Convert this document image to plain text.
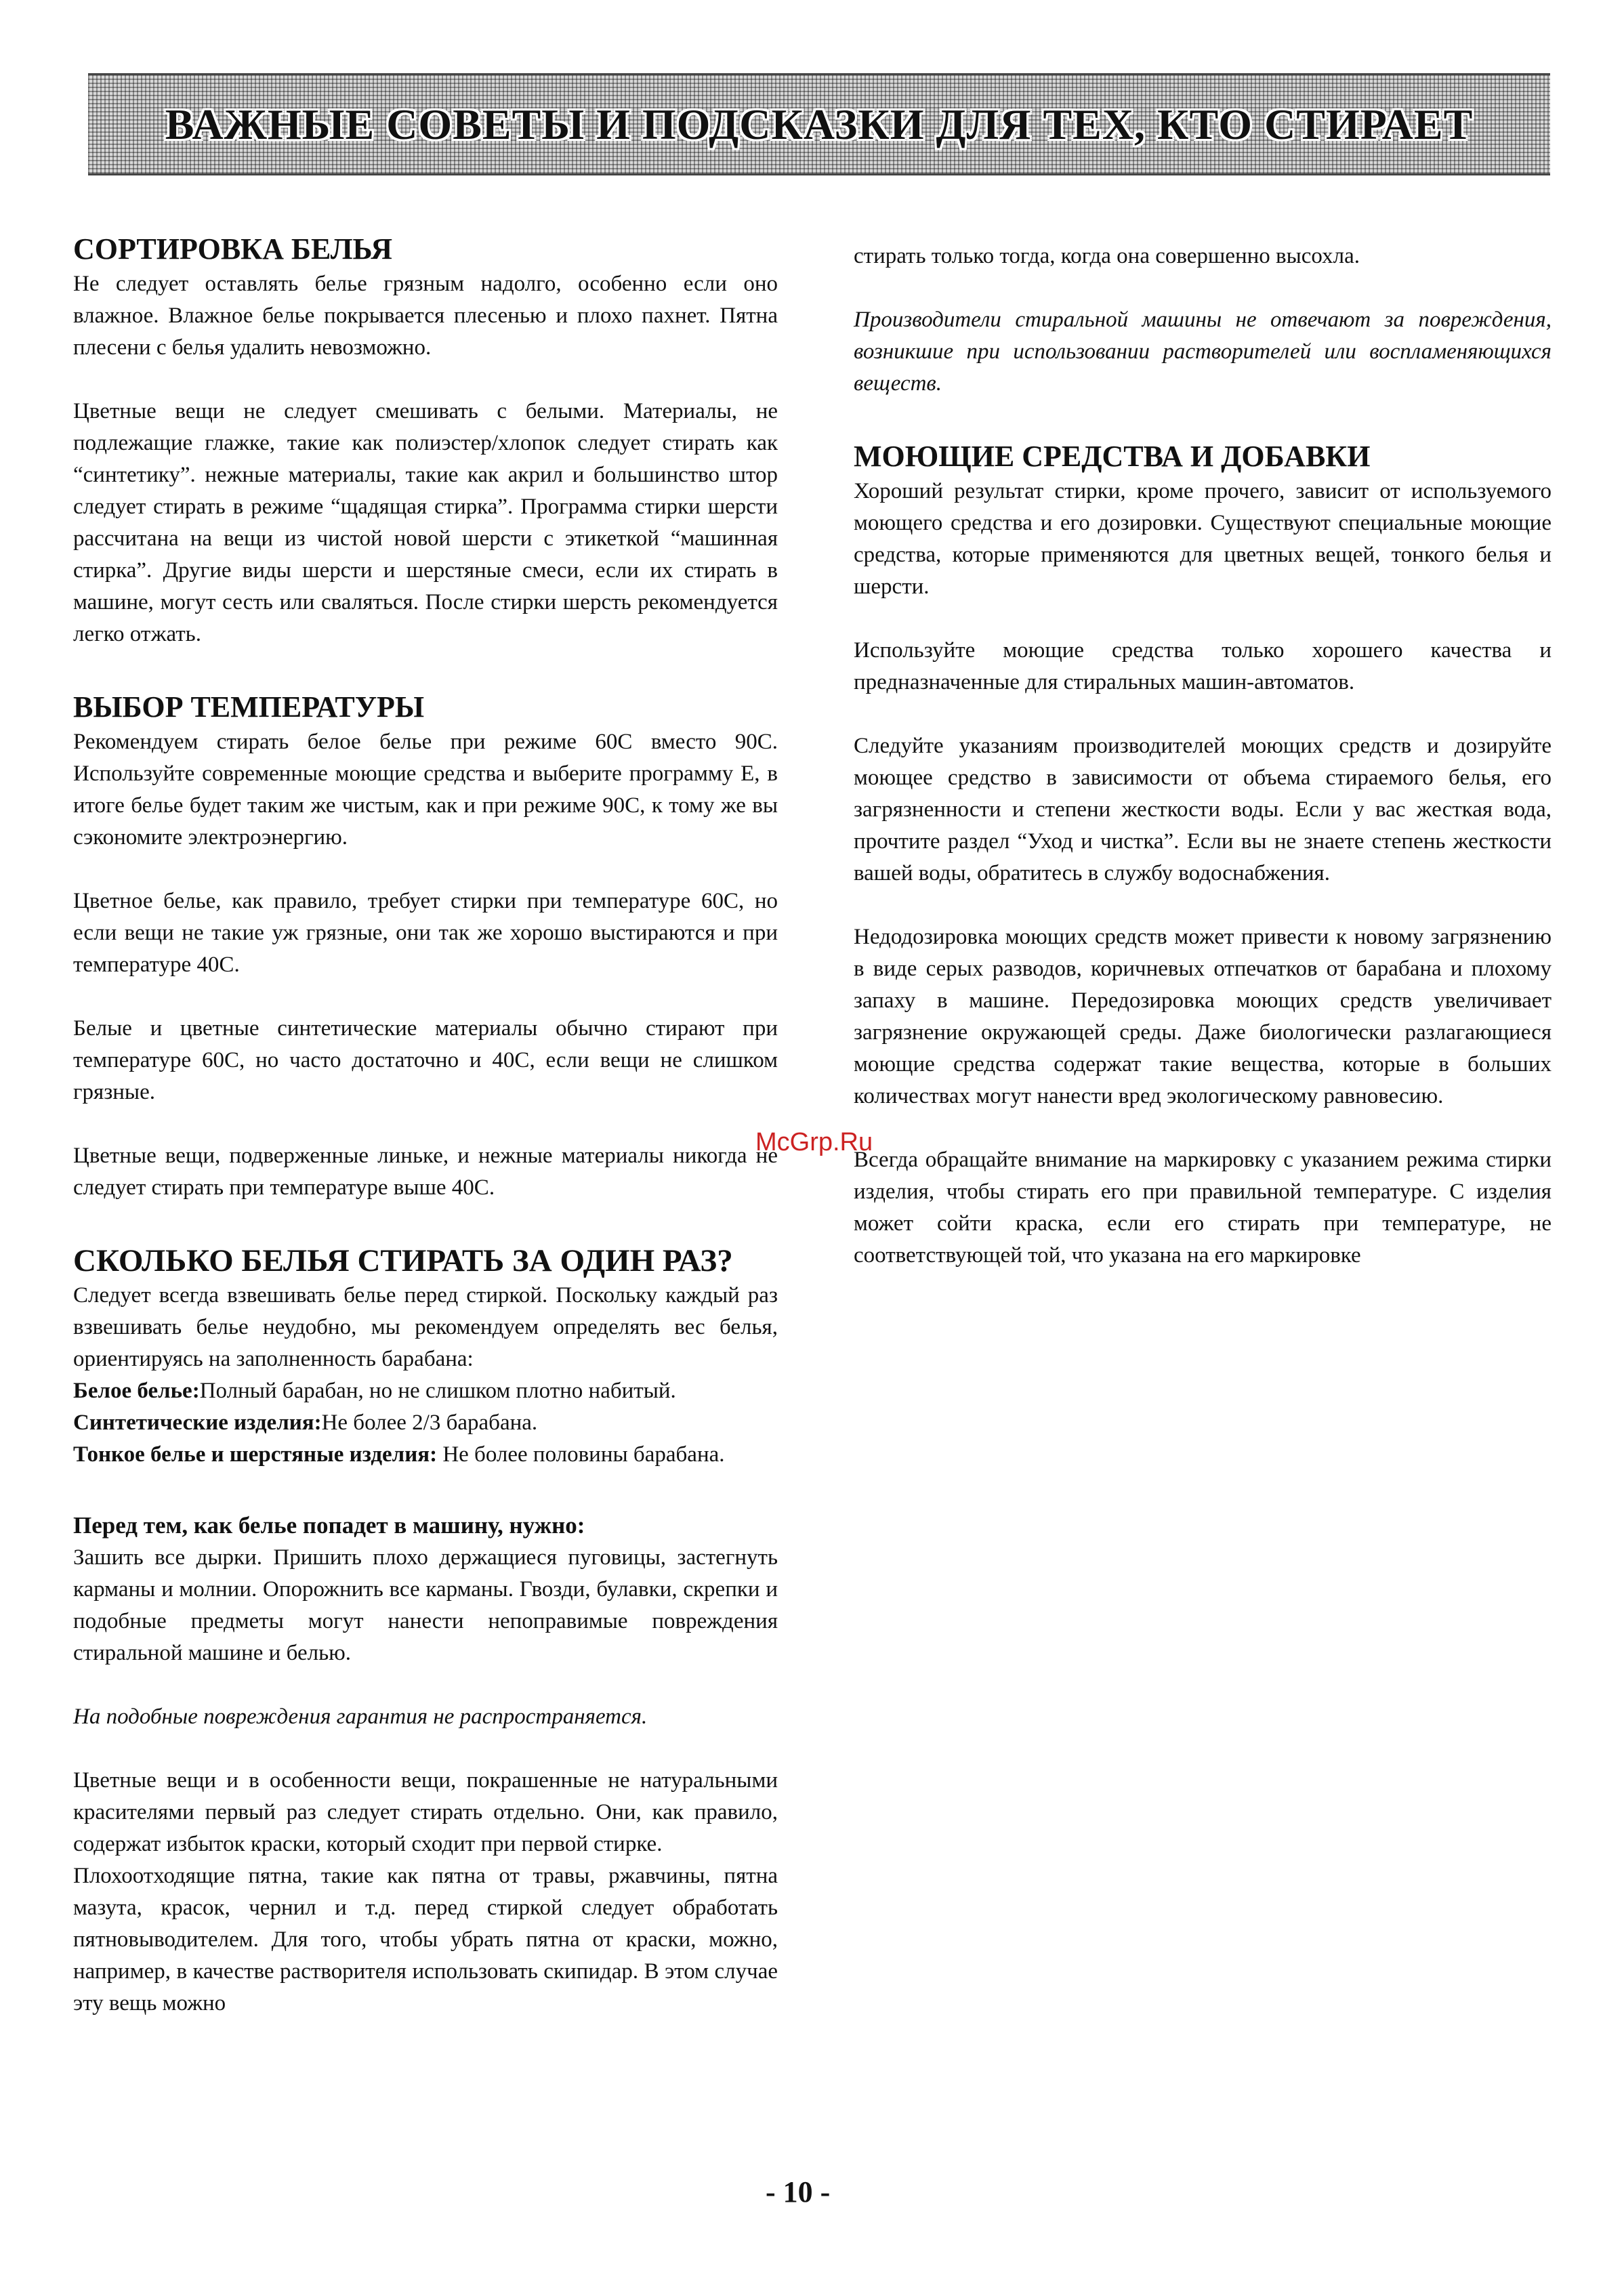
ВАЖНЫЕ СОВЕТЫ И ПОДСКАЗКИ ДЛЯ ТЕХ, КТО СТИРАЕТ
СОРТИРОВКА БЕЛЬЯ

Не следует оставлять белье грязным надолго, особенно если оно влажное. Влажное белье покрывается плесенью и плохо пахнет. Пятна плесени с белья удалить невозможно.

Цветные вещи не следует смешивать с белыми. Материалы, не подлежащие глажке, такие как полиэстер/хлопок следует стирать как “синтетику”. нежные материалы, такие как акрил и большинство штор следует стирать в режиме “щадящая стирка”. Программа стирки шерсти рассчитана на вещи из чистой новой шерсти с этикеткой “машинная стирка”. Другие виды шерсти и шерстяные смеси, если их стирать в машине, могут сесть или сваляться. После стирки шерсть рекомендуется легко отжать.

ВЫБОР ТЕМПЕРАТУРЫ

Рекомендуем стирать белое белье при режиме 60С вместо 90С. Используйте современные моющие средства и выберите программу Е, в итоге белье будет таким же чистым, как и при режиме 90С, к тому же вы сэкономите электроэнергию.

Цветное белье, как правило, требует стирки при температуре 60С, но если вещи не такие уж грязные, они так же хорошо выстираются и при температуре 40С.

Белые и цветные синтетические материалы обычно стирают при температуре 60С, но часто достаточно и 40С, если вещи не слишком грязные.

Цветные вещи, подверженные линьке, и нежные материалы никогда не следует стирать при температуре выше 40С.

СКОЛЬКО БЕЛЬЯ СТИРАТЬ ЗА ОДИН РАЗ?

Следует всегда взвешивать белье перед стиркой. Поскольку каждый раз взвешивать белье неудобно, мы рекомендуем определять вес белья, ориентируясь на заполненность барабана:

Белое белье:Полный барабан, но не слишком плотно набитый.

Синтетические изделия:Не более 2/3 барабана.

Тонкое белье и шерстяные изделия: Не более половины барабана.

Перед тем, как белье попадет в машину, нужно:

Зашить все дырки. Пришить плохо держащиеся пуговицы, застегнуть карманы и молнии. Опорожнить все карманы. Гвозди, булавки, скрепки и подобные предметы могут нанести непоправимые повреждения стиральной машине и белью.

На подобные повреждения гарантия не распространяется.

Цветные вещи и в особенности вещи, покрашенные не натуральными красителями первый раз следует стирать отдельно. Они, как правило, содержат избыток краски, который сходит при первой стирке.

Плохоотходящие пятна, такие как пятна от травы, ржавчины, пятна мазута, красок, чернил и т.д. перед стиркой следует обработать пятновыводителем. Для того, чтобы убрать пятна от краски, можно, например, в качестве растворителя использовать скипидар. В этом случае эту вещь можно

стирать только тогда, когда она совершенно высохла.

Производители стиральной машины не отвечают за повреждения, возникшие при использовании растворителей или воспламеняющихся веществ.

МОЮЩИЕ СРЕДСТВА И ДОБАВКИ

Хороший результат стирки, кроме прочего, зависит от используемого моющего средства и его дозировки. Существуют специальные моющие средства, которые применяются для цветных вещей, тонкого белья и шерсти.

Используйте моющие средства только хорошего качества и предназначенные для стиральных машин-автоматов.

Следуйте указаниям производителей моющих средств и дозируйте моющее средство в зависимости от объема стираемого белья, его загрязненности и степени жесткости воды. Если у вас жесткая вода, прочтите раздел “Уход и чистка”. Если вы не знаете степень жесткости вашей воды, обратитесь в службу водоснабжения.

Недодозировка моющих средств может привести к новому загрязнению в виде серых разводов, коричневых отпечатков от барабана и плохому запаху в машине. Передозировка моющих средств увеличивает загрязнение окружающей среды. Даже биологически разлагающиеся моющие средства содержат такие вещества, которые в больших количествах могут нанести вред экологическому равновесию.

Всегда обращайте внимание на маркировку с указанием режима стирки изделия, чтобы стирать его при правильной температуре. С изделия может сойти краска, если его стирать при температуре, не соответствующей той, что указана на его маркировке

McGrp.Ru
- 10 -
